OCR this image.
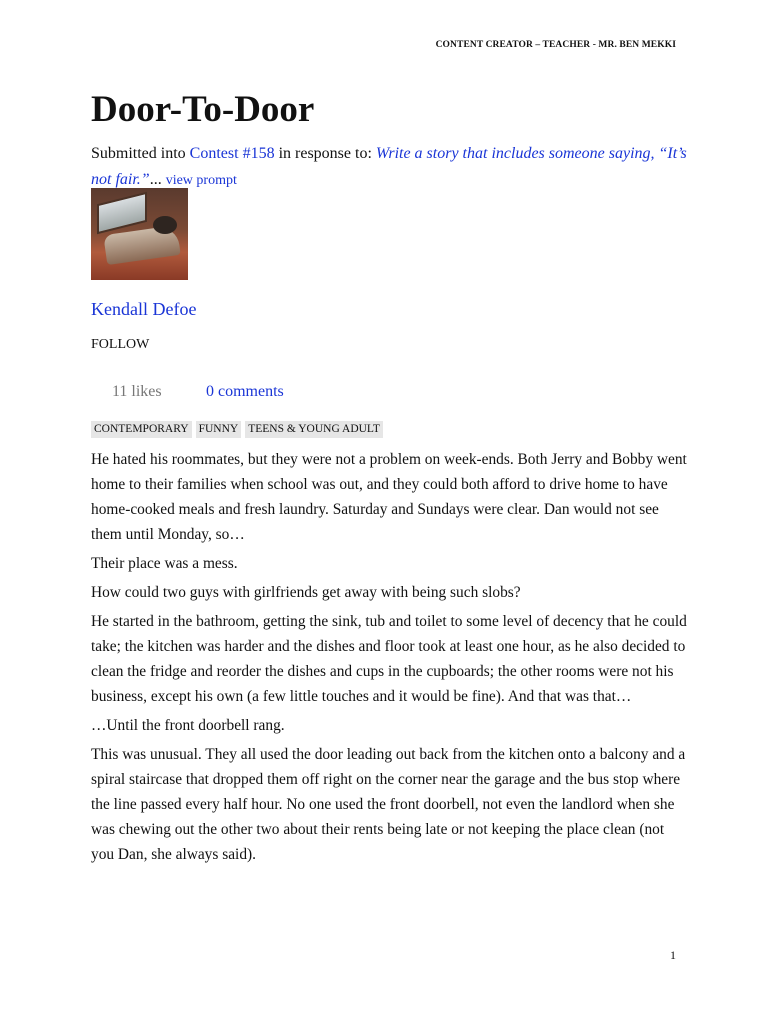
CONTENT CREATOR – TEACHER - MR. BEN MEKKI
Door-To-Door
Submitted into Contest #158 in response to: Write a story that includes someone saying, “It’s not fair.”... view prompt
Kendall Defoe
FOLLOW
11 likes	0 comments
CONTEMPORARY FUNNY TEENS & YOUNG ADULT

He hated his roommates, but they were not a problem on week-ends. Both Jerry and Bobby went home to their families when school was out, and they could both afford to drive home to have home-cooked meals and fresh laundry. Saturday and Sundays were clear. Dan would not see them until Monday, so…

Their place was a mess.

How could two guys with girlfriends get away with being such slobs?

He started in the bathroom, getting the sink, tub and toilet to some level of decency that he could take; the kitchen was harder and the dishes and floor took at least one hour, as he also decided to clean the fridge and reorder the dishes and cups in the cupboards; the other rooms were not his business, except his own (a few little touches and it would be fine). And that was that…

…Until the front doorbell rang.

This was unusual. They all used the door leading out back from the kitchen onto a balcony and a spiral staircase that dropped them off right on the corner near the garage and the bus stop where the line passed every half hour. No one used the front doorbell, not even the landlord when she was chewing out the other two about their rents being late or not keeping the place clean (not you Dan, she always said).

1
